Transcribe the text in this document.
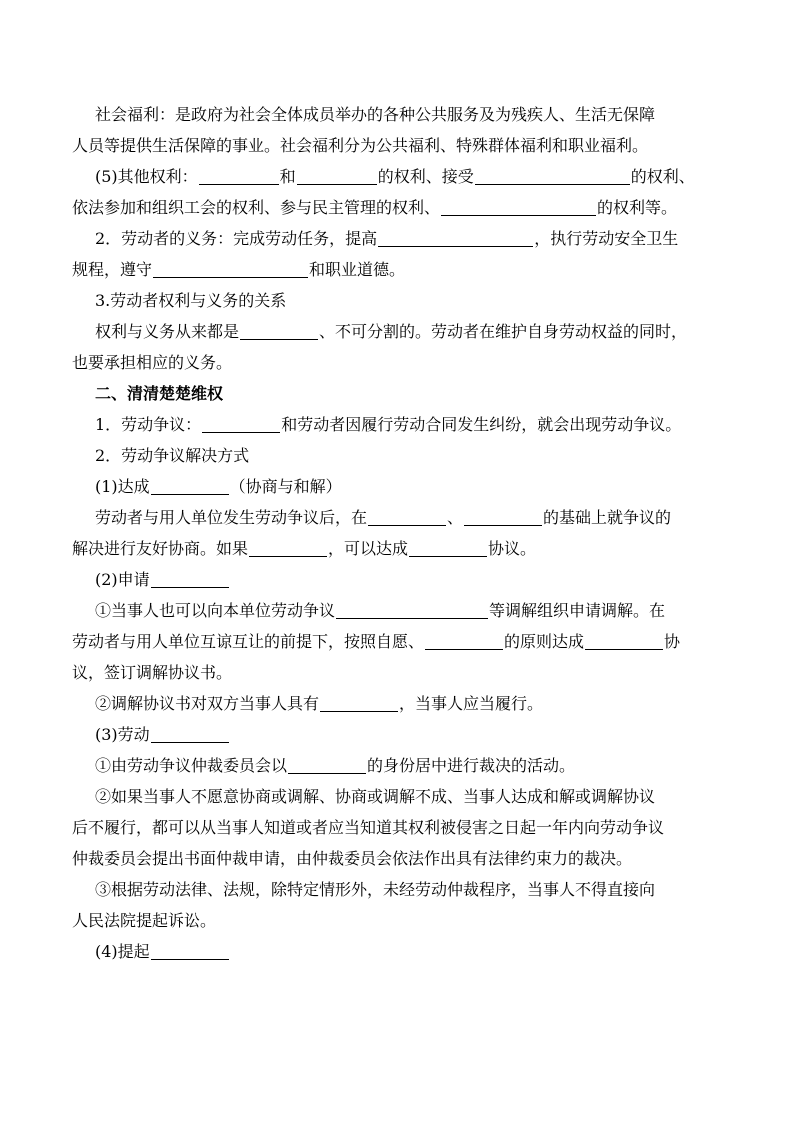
社会福利：是政府为社会全体成员举办的各种公共服务及为残疾人、生活无保障
人员等提供生活保障的事业。社会福利分为公共福利、特殊群体福利和职业福利。
(5)其他权利：	和	的权利、接受	的权利、
依法参加和组织工会的权利、参与民主管理的权利、	的权利等。
2．劳动者的义务：完成劳动任务，提高	，执行劳动安全卫生
规程，遵守	和职业道德。
3.劳动者权利与义务的关系
权利与义务从来都是	、不可分割的。劳动者在维护自身劳动权益的同时，
也要承担相应的义务。
二、清清楚楚维权
1．劳动争议：	和劳动者因履行劳动合同发生纠纷，就会出现劳动争议。
2．劳动争议解决方式
(1)达成	（协商与和解）
劳动者与用人单位发生劳动争议后，在	、	的基础上就争议的
解决进行友好协商。如果	，可以达成	协议。
(2)申请
①当事人也可以向本单位劳动争议	等调解组织申请调解。在
劳动者与用人单位互谅互让的前提下，按照自愿、	的原则达成	协
议，签订调解协议书。
②调解协议书对双方当事人具有	，当事人应当履行。
(3)劳动
①由劳动争议仲裁委员会以	的身份居中进行裁决的活动。
②如果当事人不愿意协商或调解、协商或调解不成、当事人达成和解或调解协议
后不履行，都可以从当事人知道或者应当知道其权利被侵害之日起一年内向劳动争议
仲裁委员会提出书面仲裁申请，由仲裁委员会依法作出具有法律约束力的裁决。
③根据劳动法律、法规，除特定情形外，未经劳动仲裁程序，当事人不得直接向
人民法院提起诉讼。
(4)提起
